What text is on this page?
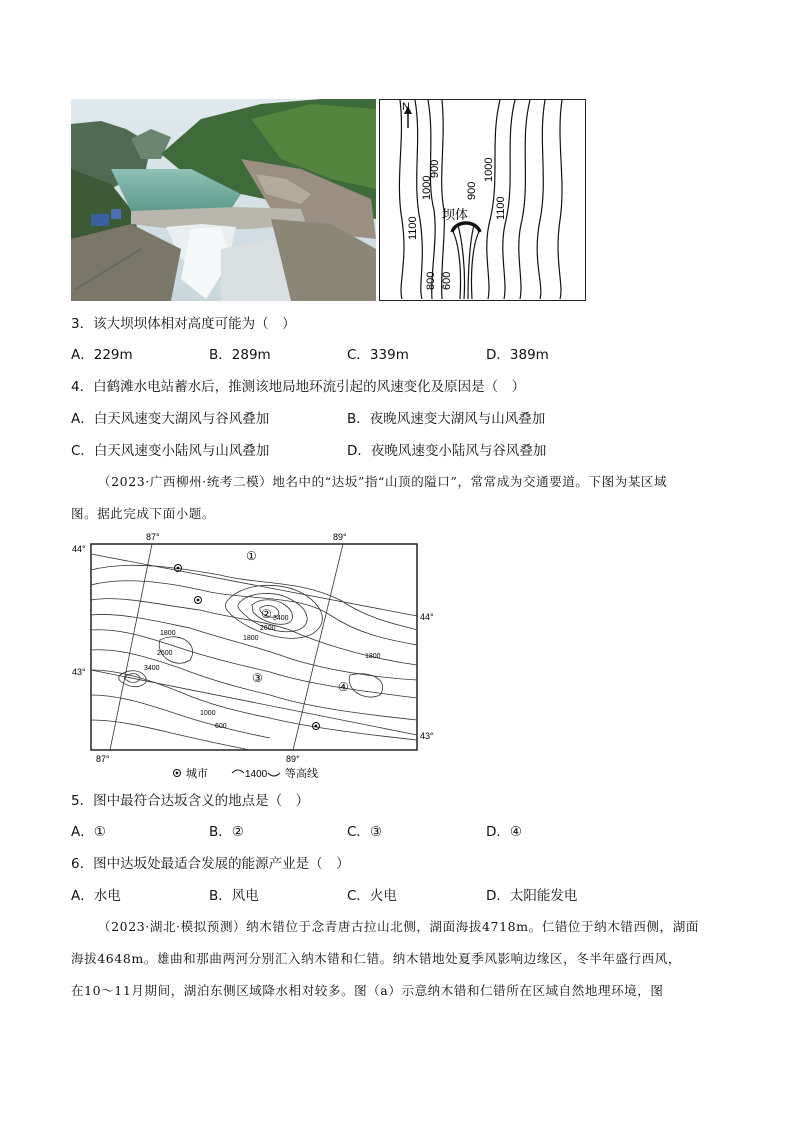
N
坝体
1100
1000
900
900
1000
1100
800 600
3．该大坝坝体相对高度可能为（　）
A．229m	B．289m	C．339m	D．389m
4．白鹤滩水电站蓄水后，推测该地局地环流引起的风速变化及原因是（　）
A．白天风速变大湖风与谷风叠加	B．夜晚风速变大湖风与山风叠加
C．白天风速变小陆风与山风叠加	D．夜晚风速变小陆风与谷风叠加
（2023·广西柳州·统考二模）地名中的“达坂”指“山顶的隘口”，常常成为交通要道。下图为某区域
图。据此完成下面小题。
87°	89°
87°	89°
44°
44°
43°
43°
1800
2600
3400
1800
2600
3400
1800
1000
600
①
②
③
④
城市	1400 等高线
5．图中最符合达坂含义的地点是（　）
A．①	B．②	C．③	D．④
6．图中达坂处最适合发展的能源产业是（　）
A．水电	B．风电	C．火电	D．太阳能发电
（2023·湖北·模拟预测）纳木错位于念青唐古拉山北侧，湖面海拔4718m。仁错位于纳木错西侧，湖面
海拔4648m。雄曲和那曲两河分别汇入纳木错和仁错。纳木错地处夏季风影响边缘区，冬半年盛行西风，
在10～11月期间，湖泊东侧区域降水相对较多。图（a）示意纳木错和仁错所在区域自然地理环境，图
